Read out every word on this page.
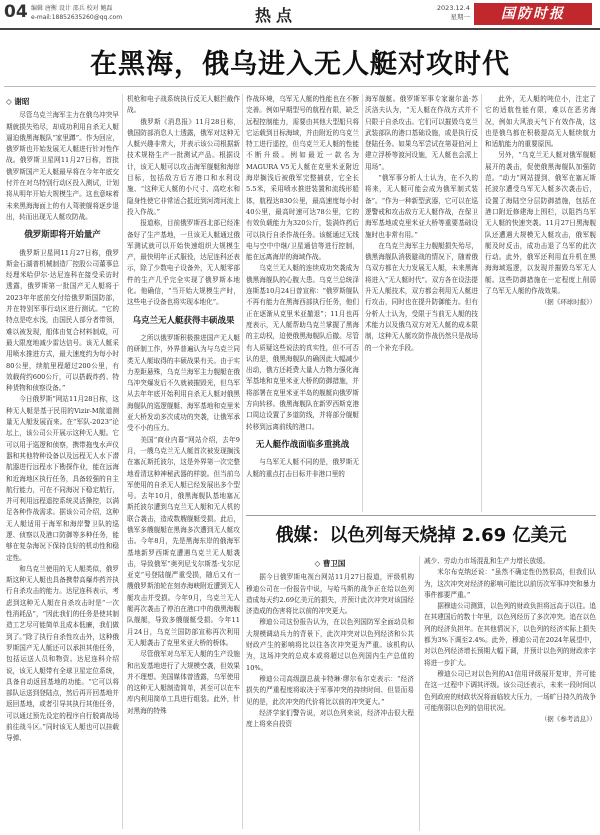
04 编辑 唐衡 设计 邵兵 校对 鲍磊
e-mail:18852635260@qq.com	热点	2023.12.4
星期一	国防时报
在黑海，俄乌进入无人艇对攻时代

◇ 谢昭

尽管乌克兰海军主力在俄乌冲突早期就损失殆尽，却成功利用自杀无人艇逼迫俄黑海舰队“家里蹲”。作为回应，俄罗斯也开始发展无人艇进行针对性作战。俄罗斯卫星网11月27日称，首批俄罗斯国产无人艇最早将在今年年底交付并在对乌特别行动区投入测试，计划将从明年开始大规模生产。这也意味着未来黑海海面上的有人驾驶舰将逐步退出，转而出现无人艇攻防战。

俄罗斯即将开始量产

俄罗斯卫星网11月27日称，俄罗斯金石湖普机械制造厂控股公司董事总经理米哈伊尔·达尼连科在接受采访时透露，俄罗斯第一批国产无人艇将于2023年年底前交付给俄罗斯国防部，并在特别军事行动区进行测试。“它的特点是吃水浅，由国民人部分者带领，难以被发现，船体由复合材料制成，可最大限度地减少雷达信号。该无人艇采用喷水推进方式，最大速度约为每小时80公里，续航里程超过200公里，有效载荷约600公斤，可以搭载炸药、特种货物和侦察设备。”

今日俄罗斯”网站11月28日称，这种无人艇是基于民用的Vizir-M航道测量无人艇发展而来。在“军队-2023”论坛上，该公司公开展示这种无人艇。它可以用于巡逻和侦察，携带拖曳水声仪器和其他特种设备以及远程无人水下潜航器进行远程水下勘探作业，能在远海和近海地区执行任务，具备较强的自主航行能力，可在不同海况下稳定航行，并可利用远程遥控系统灵活操控，以满足各种作战需求。据该公司介绍，这种无人艇适用于海军和海岸警卫队的巡逻、侦察以及港口防御等多种任务，能够在复杂海况下保持良好的机动性和稳定性。

和乌克兰使用的无人艇类似，俄罗斯这种无人艇也具备携带高爆炸药并执行自杀攻击的能力。达尼连科表示，考虑到这种无人艇在自杀攻击时是“一次性消耗品”，“因此我们的任务是使其制造工艺尽可能简单且成本低廉，我们做到了。”除了执行自杀性攻击外，这种俄罗斯国产无人艇还可以承担其他任务，包括运送人员和物资。达尼连科介绍说，该无人艇带有全球卫星定位系统，具备自动返回基地的功能。“它可以将部队运送到登陆点，然后再开回基地并返回基地，或者引导其执行其他任务，可以通过预先设定的程序自行脱离战场前往战斗区。”同时该无人艇也可以挂载导弹、

机枪和电子战系统执行反无人艇拦截作战。

俄罗斯《消息报》11月28日称，俄国防部消息人士透露，俄军对这种无人艇兴趣非常大，并表示该公司根据新技术规格生产一批测试产品。根据设计，该无人艇可以攻击海军舰艇和海岸目标，包括敌方后方港口和水利设施、“这种无人艇的小尺寸、高吃水和隐身性使它非常适合抵近到河湾河流上投入作战。”

报道称，目前俄罗斯西北部已经准备好了生产基地，一旦该无人艇通过俄军测试就可以开始快速组织大规模生产，最快明年正式服役，达尼连科还表示，除了少数电子设备外，无人艇零部件的生产几乎完全实现了俄罗斯本地化。他确信，“当开始大规模生产时，这些电子设备也将实现本地化”。

乌克兰无人艇获得丰硕战果

之所以俄罗斯积极推进国产无人艇的研制工作，外界普遍认为与乌克兰同类无人艇取得的丰硕战果有关。由于实力差距悬殊，乌克兰海军主力舰艇在俄乌冲突爆发后不久就被摧毁光，但乌军从去年年底开始利用自杀无人艇对俄黑海舰队的巡逻舰艇、海军基地和克里米亚大桥发动多次成功的突袭，让俄军承受不小的压力。

美国“商业内幕”网站介绍，去年9月，一艘乌克兰无人艇首次被发现搁浅在塞瓦斯托波尔，这是外界第一次完整地看清这种神秘武器的样貌。但当前乌军使用的自杀无人艇已经发展出多个型号。去年10月，俄黑海舰队基地塞瓦斯托波尔遭到乌克兰无人艇和无人机的联合袭击，造成数艘舰艇受损。此后，俄军多艘舰艇在黑海多次遭到无人艇攻击。今年8月，先是黑海东岸的俄海军基地新罗西斯克遭遇乌克兰无人艇袭击，导致俄军“奥列尼戈尔斯基·戈尔尼亚克”号登陆舰严重受损，随后又有一艘俄罗斯油轮在刻赤海峡附近遭到无人艇攻击并受损。今年9月，乌克兰无人艇再次袭击了停泊在港口中的俄黑海舰队舰艇，导致多艘舰艇受损。今年11月24日，乌克兰国防部宣称再次利用无人艇袭击了克里米亚大桥的桥体。

尽管俄军对乌军无人艇的生产设施和出发基地进行了大规模空袭，但效果并不理想。美国媒体曾透露，乌军使用的这种无人艇制造简单，甚至可以在车库内利用简单工具进行组装。此外，针对黑海的特殊

作战环境，乌军无人艇的性能也在不断完善。例如早期型号的航程有限，缺乏远程控制能力，需要由其他大型船只将它运载到目标海域，并由附近的乌克兰特工进行遥控，但乌克兰无人艇的性能不断升级。例如最近一款名为MAGURA V5无人艇在克里米亚附近海岸搁浅后被俄军完整捕获，它全长5.5米，采用喷水推进装置和流线形船体，航程达830公里，最高速度每小时40公里，最高时速可达78公里，它的有效负载能力为320公斤，装满炸药后可以执行自杀作战任务。该艇通过无线电与空中中继/卫星通信等进行控制，能在远离海岸的海域作战。

乌克兰无人艇的连续成功突袭成为俄黑海舰队的心腹大患。乌克兰总统泽连斯基10月24日曾宣称：“俄罗斯舰队不再有能力在黑海西部执行任务，他们正在逐渐从克里米亚撤退”；11月也再度表示，无人艇帮助乌克兰掌握了黑海的主动权，迫使俄黑海舰队后撤。尽管有人质疑这些说法的真实性，但不可否认的是，俄黑海舰队的确因此大幅减少出动，俄方还耗费大量人力物力强化海军基地和克里米亚大桥的防御措施，并将部署在克里米亚半岛的舰艇向俄罗斯方向转移。俄黑海舰队在新罗西斯克港口周边设置了多道防线，并将部分舰艇转移到远离前线的港口。

无人艇作战面临多重挑战

与乌军无人艇不同的是，俄罗斯无人艇的重点打击目标并非港口里的

海军舰艇。俄罗斯军事专家谢尔盖·苏沃洛夫认为，“无人艇在作战方式并不只限于自杀攻击。它们可以摧毁乌克兰武装部队的港口基础设施，或是执行反登陆任务。如果乌军尝试在第聂伯河上建立浮桥等渡河设施，无人艇也会派上用场”。

“俄军事分析人士认为，在不久的将来，无人艇可能会成为俄军制式装备”。“作为一种新型武器，它可以在巡逻警戒和攻击敌方无人艇作战，在保卫海军基地或克里米亚大桥等重要基础设施时也非常有用。”

在乌克兰海军主力舰艇损失殆尽，俄黑海舰队消极避战的情况下，随着俄乌双方都在大力发展无人艇，未来黑海将进入“无人艇时代”。双方各在设法提升无人艇技术，双方都会利用无人艇进行攻击，同时也在提升防御能力。但有分析人士认为，受限于当前无人艇的技术能力以及俄乌双方对无人艇的成本限制，这种无人艇攻防作战仍然只是战场的一个补充手段。

此外，无人艇的吨位小，注定了它的适航性能有限，难以在恶劣海况，例如大风浪天气下有效作战，这也是俄乌都在积极提高无人艇续航力和适航能力的重要原因。

另外，“乌克兰无人艇对俄军舰艇展开的袭击，促使俄黑海舰队加强防范。“动力”网站提到，俄军在塞瓦斯托波尔遭受乌军无人艇多次袭击后，设置了海陆空分层防御措施，包括在港口附近修建海上围栏，以阻挡乌军无人艇的快速突袭。11月27日黑海舰队还遭遇大规模无人艇攻击，俄军舰艇及时反击，成功击退了乌军的此次行动。此外，俄军还利用直升机在黑海海域巡逻，以发现并摧毁乌军无人艇。这些防御措施在一定程度上削弱了乌军无人艇的作战效果。

（据《环球时报》）

俄媒：以色列每天烧掉 2.69 亿美元

◇ 曹卫国

据今日俄罗斯电视台网站11月27日报道，评级机构穆迪公司在一份报告中说，与哈马斯的战争正在给以色列造成每天约2.69亿美元的损失，并预计此次冲突对该国经济造成的伤害将比以前的冲突更大。

穆迪公司这份报告认为，在以色列国防军全面动员和大规模调动兵力的背景下，此次冲突对以色列经济和公共财政产生的影响将比以往各次冲突更为严重。该机构认为，这场冲突的总成本或将超过以色列国内生产总值的10%。

穆迪公司高级副总裁卡特琳·缪尔布尔克表示：“经济损失的严重程度将取决于军事冲突的持续时间、但显而易见的是，此次冲突的代价将比以前的冲突更大。”

经济学家们警告说，对以色列来说，经济冲击很大程度上将来自投资

减少、劳动力市场混乱和生产力增长放缓。

米尔布克纳还说：“虽然不确定性仍然很高，但我们认为，这次冲突对经济的影响可能比以前历次军事冲突和暴力事件都要严重。”

据穆迪公司测算，以色列的财政负担将远高于以往。追在其建国后的数十年里，以色列经历了多次冲突。追在以色列的经济负担年。在其他情况下，以色列的经济实际上损失都为3%下调至2.4%。此外，穆迪公司在2024年展望中，对以色列经济增长预期大幅下调，并预计以色列的财政赤字将进一步扩大。

穆迪公司已对以色列的A1信用评级展开复审，并可能在这一过程中下调其评级。该公司还表示，未来一段时间以色列政府的财政状况将面临较大压力，一场旷日持久的战争可能削弱以色列的信用状况。

（据《参考消息》）
